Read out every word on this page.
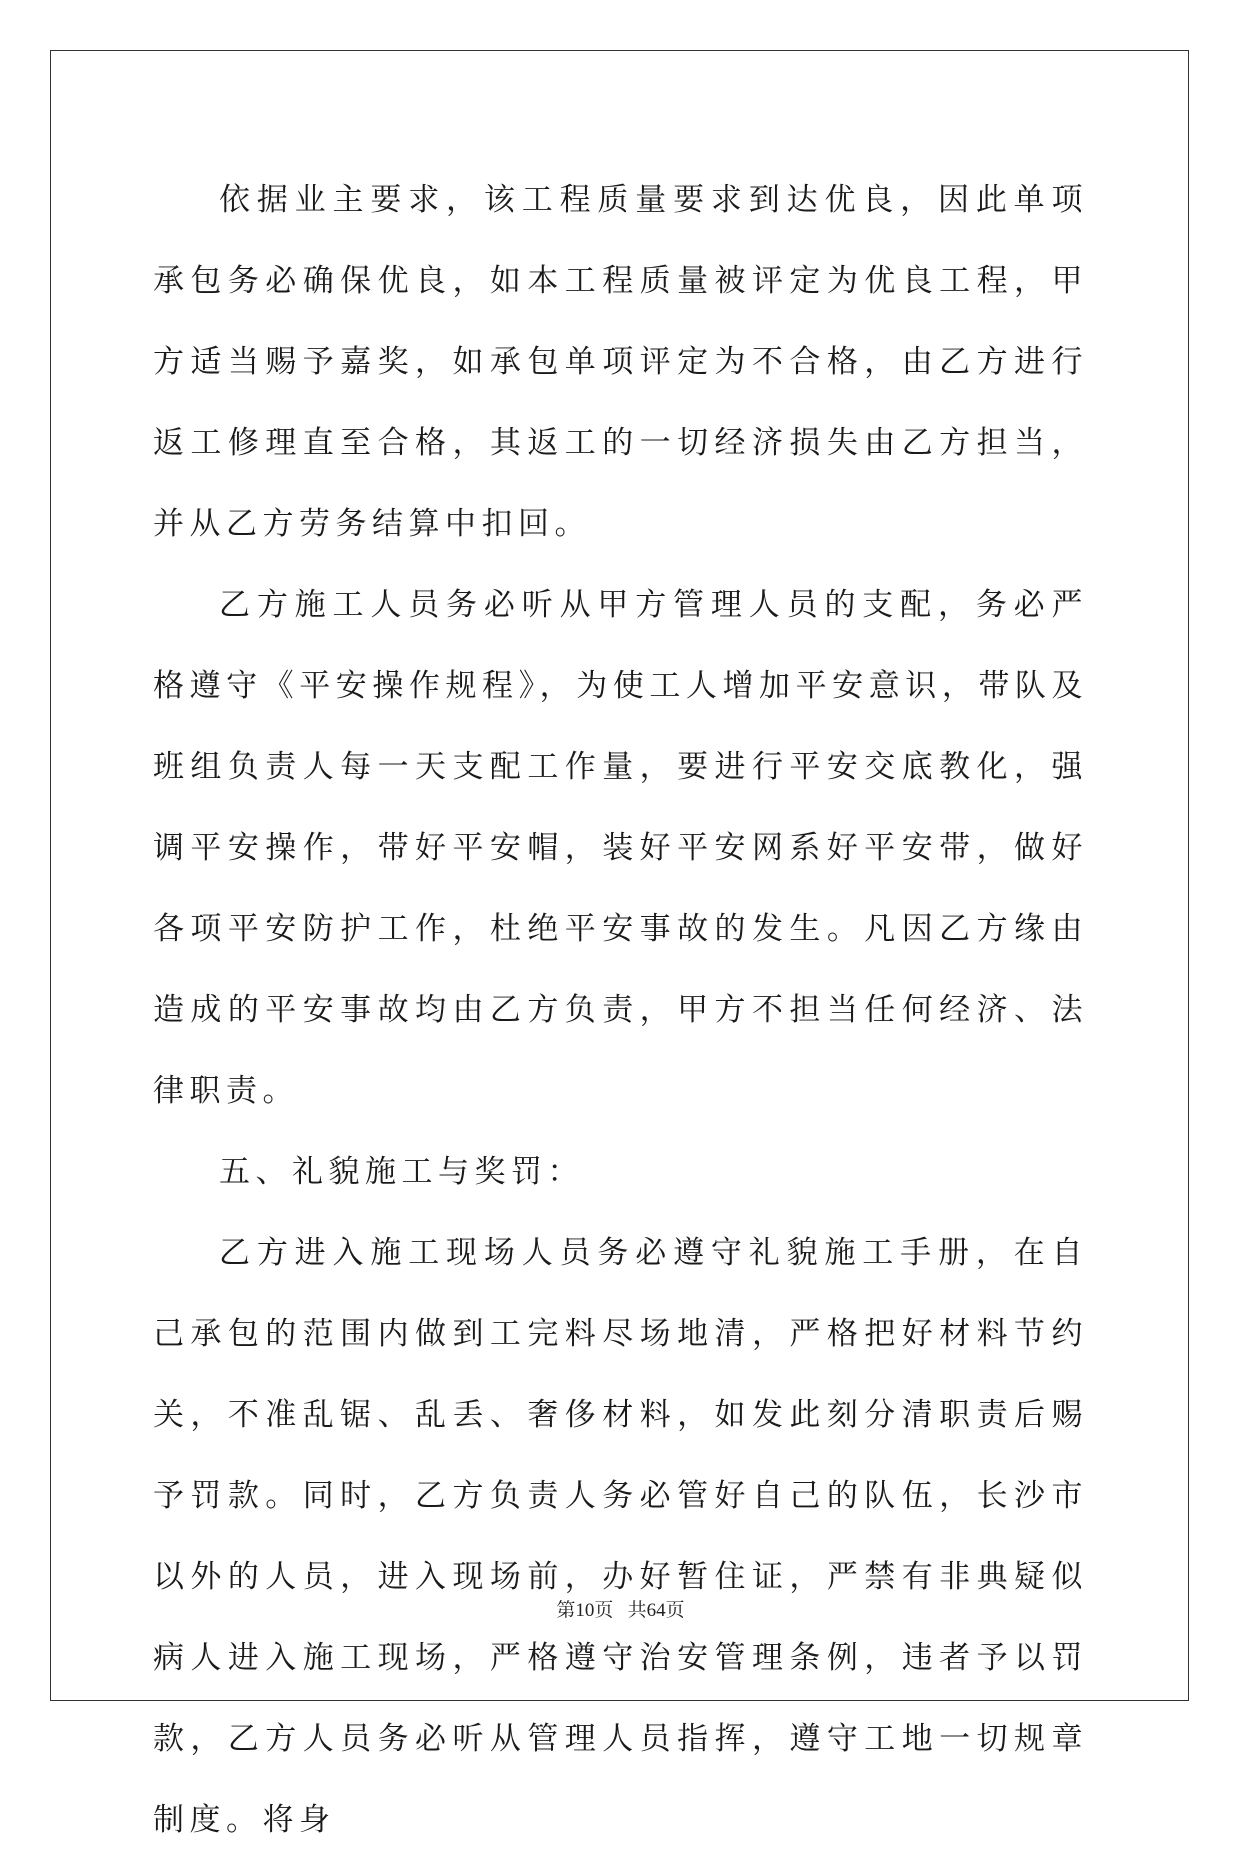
依据业主要求，该工程质量要求到达优良，因此单项承包务必确保优良，如本工程质量被评定为优良工程，甲方适当赐予嘉奖，如承包单项评定为不合格，由乙方进行返工修理直至合格，其返工的一切经济损失由乙方担当，并从乙方劳务结算中扣回。

乙方施工人员务必听从甲方管理人员的支配，务必严格遵守《平安操作规程》，为使工人增加平安意识，带队及班组负责人每一天支配工作量，要进行平安交底教化，强调平安操作，带好平安帽，装好平安网系好平安带，做好各项平安防护工作，杜绝平安事故的发生。凡因乙方缘由造成的平安事故均由乙方负责，甲方不担当任何经济、法律职责。

五、礼貌施工与奖罚：

乙方进入施工现场人员务必遵守礼貌施工手册，在自己承包的范围内做到工完料尽场地清，严格把好材料节约关，不准乱锯、乱丢、奢侈材料，如发此刻分清职责后赐予罚款。同时，乙方负责人务必管好自己的队伍，长沙市以外的人员，进入现场前，办好暂住证，严禁有非典疑似病人进入施工现场，严格遵守治安管理条例，违者予以罚款，乙方人员务必听从管理人员指挥，遵守工地一切规章制度。将身

第10页 共64页
